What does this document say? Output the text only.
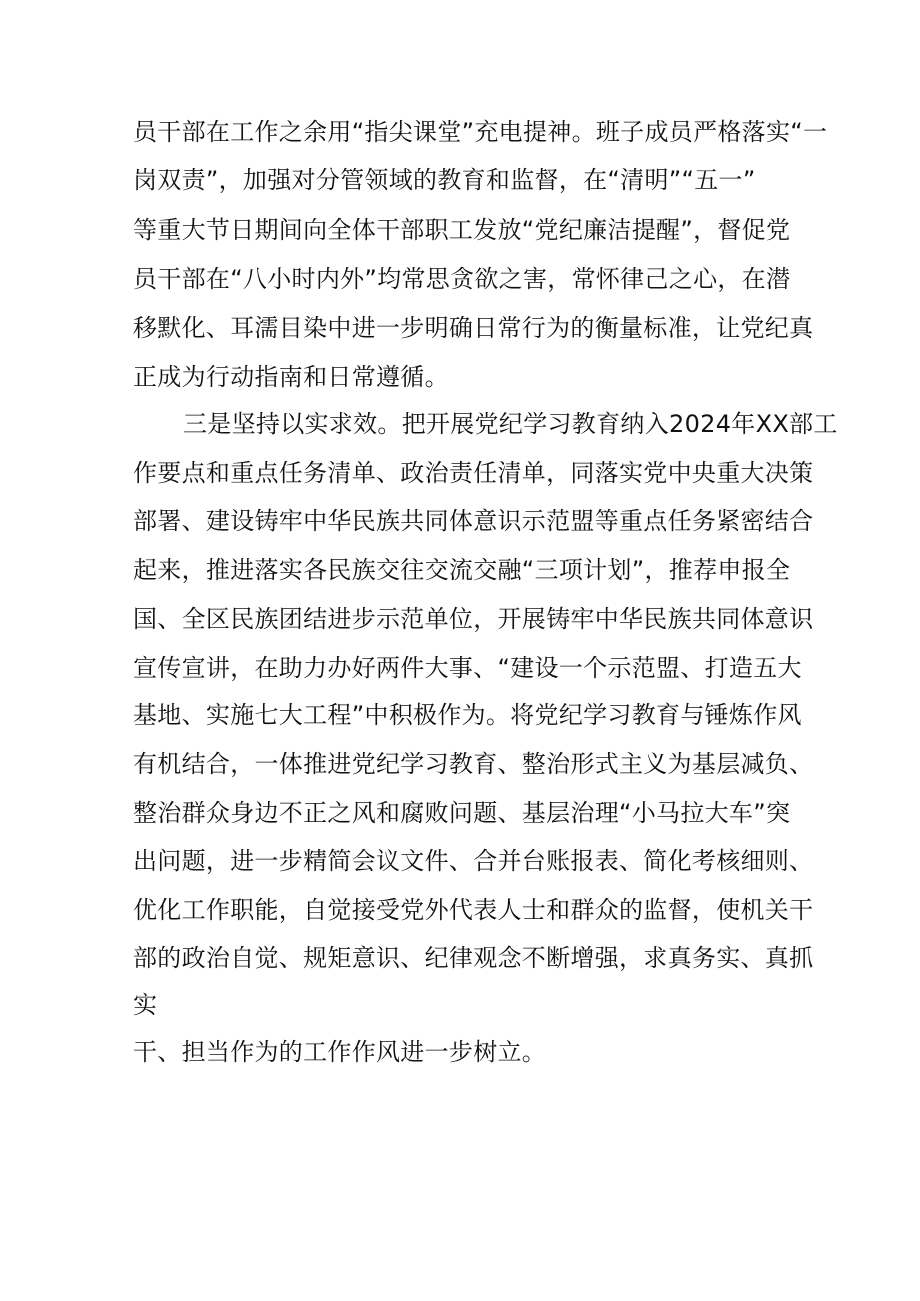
员干部在工作之余用“指尖课堂”充电提神。班子成员严格落实“一
岗双责”，加强对分管领域的教育和监督，在“清明”“五一”
等重大节日期间向全体干部职工发放“党纪廉洁提醒”，督促党
员干部在“八小时内外”均常思贪欲之害，常怀律己之心，在潜
移默化、耳濡目染中进一步明确日常行为的衡量标准，让党纪真
正成为行动指南和日常遵循。
三是坚持以实求效。把开展党纪学习教育纳入2024年XX部工
作要点和重点任务清单、政治责任清单，同落实党中央重大决策
部署、建设铸牢中华民族共同体意识示范盟等重点任务紧密结合
起来，推进落实各民族交往交流交融“三项计划”，推荐申报全
国、全区民族团结进步示范单位，开展铸牢中华民族共同体意识
宣传宣讲，在助力办好两件大事、“建设一个示范盟、打造五大
基地、实施七大工程”中积极作为。将党纪学习教育与锤炼作风
有机结合，一体推进党纪学习教育、整治形式主义为基层减负、
整治群众身边不正之风和腐败问题、基层治理“小马拉大车”突
出问题，进一步精简会议文件、合并台账报表、简化考核细则、
优化工作职能，自觉接受党外代表人士和群众的监督，使机关干
部的政治自觉、规矩意识、纪律观念不断增强，求真务实、真抓
实
干、担当作为的工作作风进一步树立。
